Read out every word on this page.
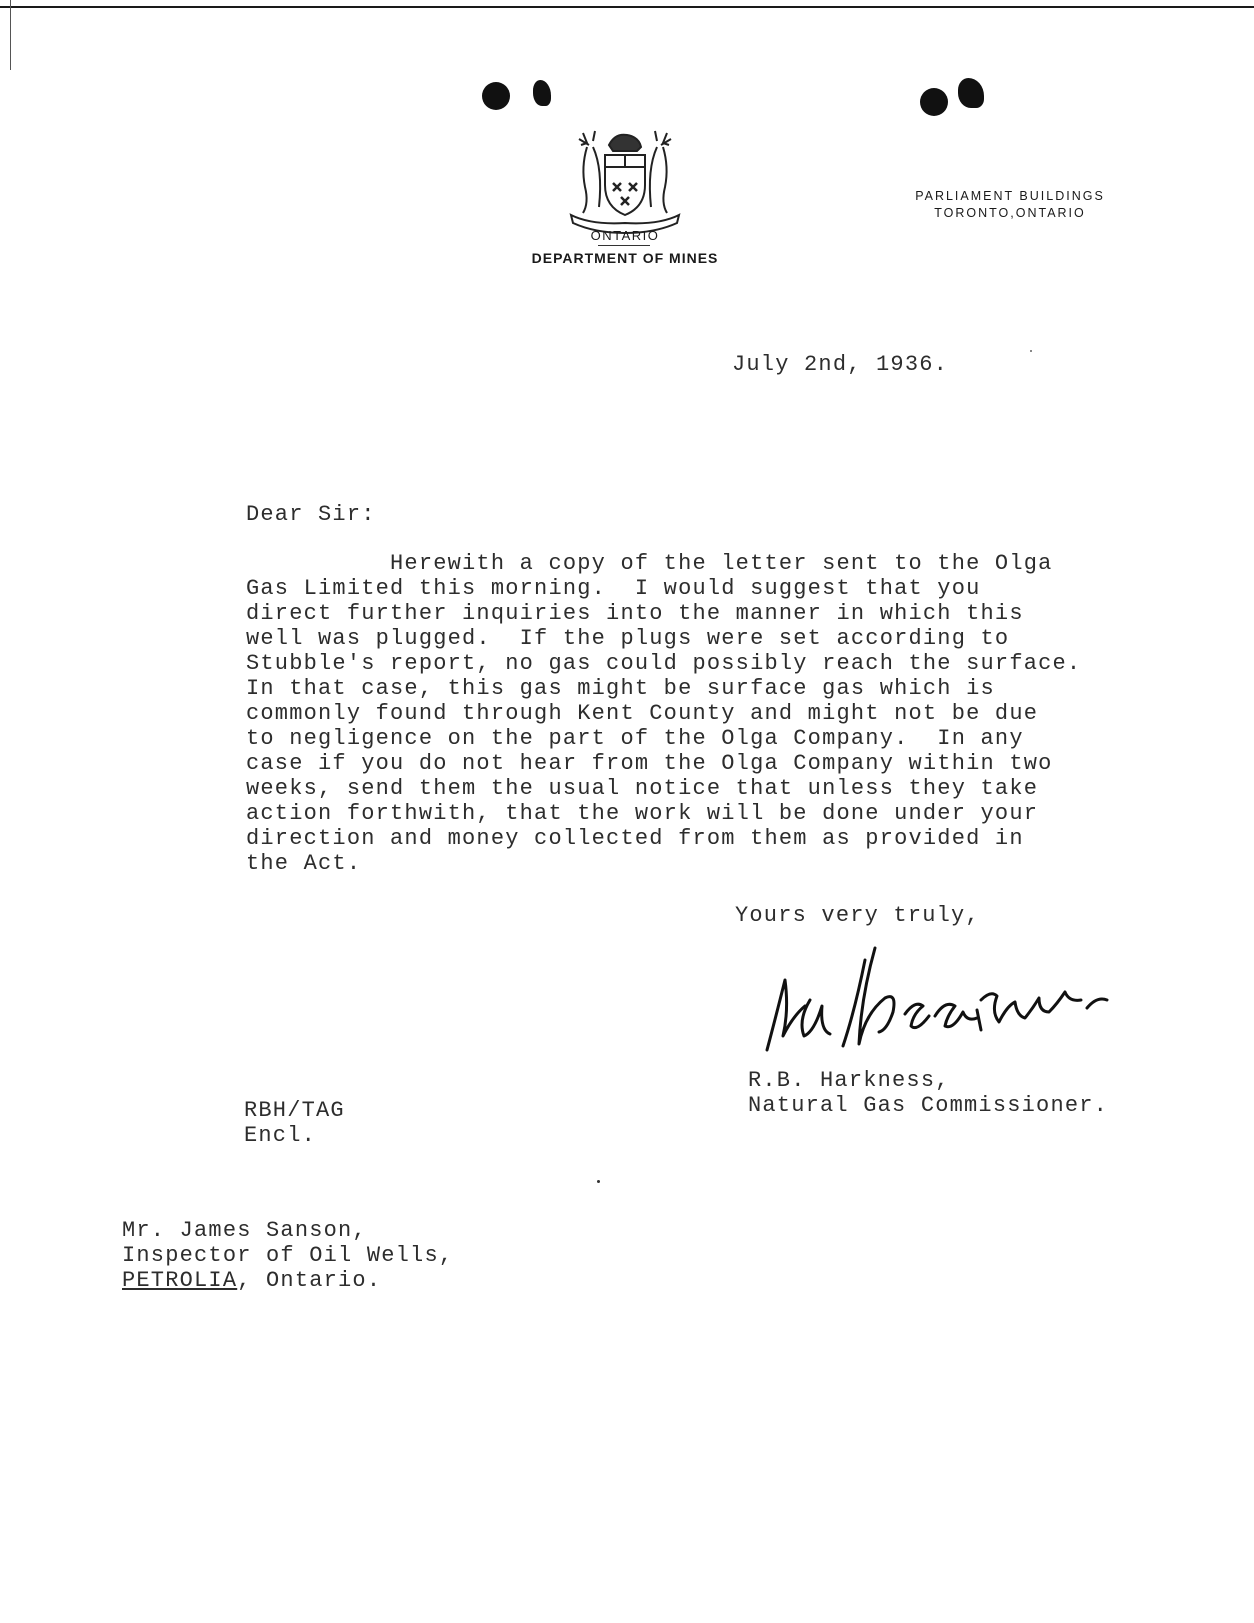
ONTARIO
DEPARTMENT OF MINES
PARLIAMENT BUILDINGS
TORONTO,ONTARIO
July 2nd, 1936.
Dear Sir:
Herewith a copy of the letter sent to the Olga
Gas Limited this morning.  I would suggest that you
direct further inquiries into the manner in which this
well was plugged.  If the plugs were set according to
Stubble's report, no gas could possibly reach the surface.
In that case, this gas might be surface gas which is
commonly found through Kent County and might not be due
to negligence on the part of the Olga Company.  In any
case if you do not hear from the Olga Company within two
weeks, send them the usual notice that unless they take
action forthwith, that the work will be done under your
direction and money collected from them as provided in
the Act.
Yours very truly,
R.B. Harkness,
Natural Gas Commissioner.
RBH/TAG
Encl.
Mr. James Sanson,
Inspector of Oil Wells,
PETROLIA, Ontario.
